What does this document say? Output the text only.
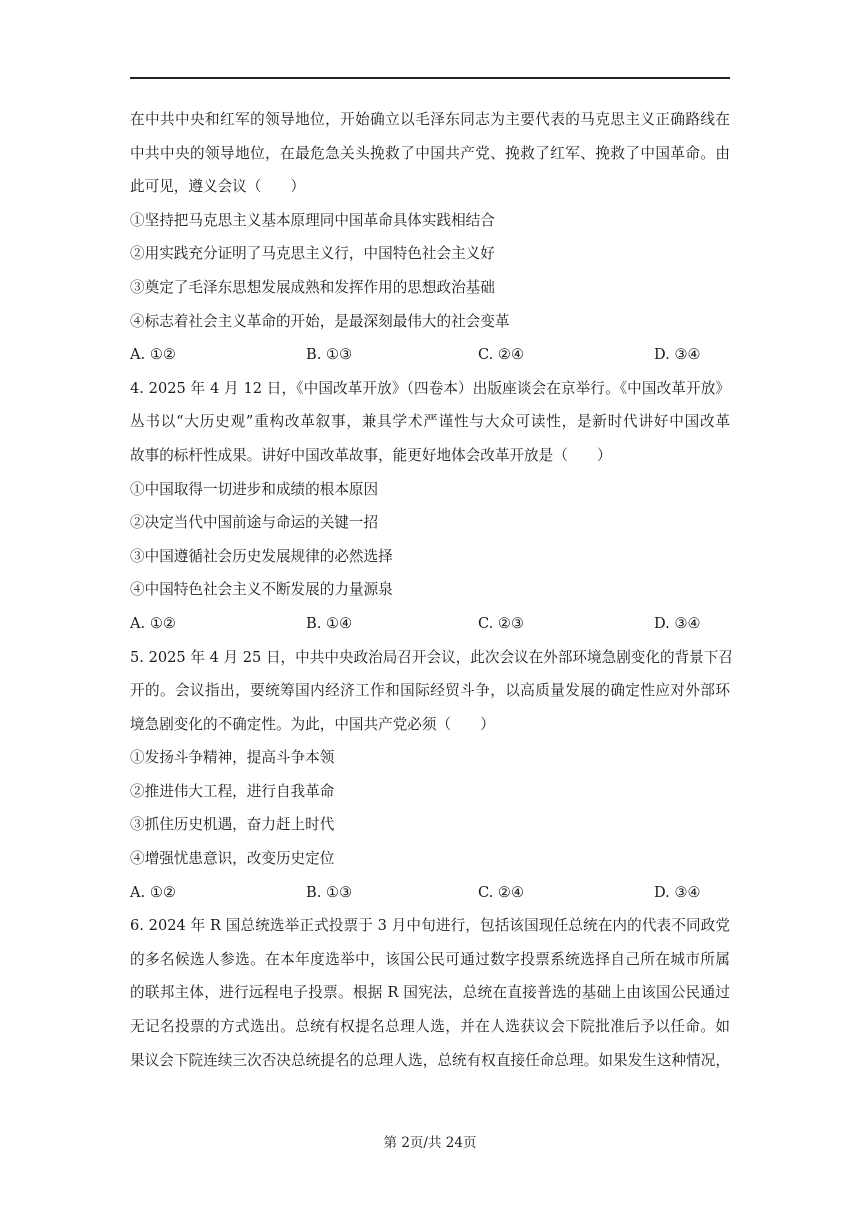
在中共中央和红军的领导地位，开始确立以毛泽东同志为主要代表的马克思主义正确路线在
中共中央的领导地位，在最危急关头挽救了中国共产党、挽救了红军、挽救了中国革命。由
此可见，遵义会议（　　）
①坚持把马克思主义基本原理同中国革命具体实践相结合
②用实践充分证明了马克思主义行，中国特色社会主义好
③奠定了毛泽东思想发展成熟和发挥作用的思想政治基础
④标志着社会主义革命的开始，是最深刻最伟大的社会变革
A. ①②	B. ①③	C. ②④	D. ③④
4. 2025 年 4 月 12 日，《中国改革开放》（四卷本）出版座谈会在京举行。《中国改革开放》
丛书以“大历史观”重构改革叙事，兼具学术严谨性与大众可读性，是新时代讲好中国改革
故事的标杆性成果。讲好中国改革故事，能更好地体会改革开放是（　　）
①中国取得一切进步和成绩的根本原因
②决定当代中国前途与命运的关键一招
③中国遵循社会历史发展规律的必然选择
④中国特色社会主义不断发展的力量源泉
A. ①②	B. ①④	C. ②③	D. ③④
5. 2025 年 4 月 25 日，中共中央政治局召开会议，此次会议在外部环境急剧变化的背景下召
开的。会议指出，要统筹国内经济工作和国际经贸斗争，以高质量发展的确定性应对外部环
境急剧变化的不确定性。为此，中国共产党必须（　　）
①发扬斗争精神，提高斗争本领
②推进伟大工程，进行自我革命
③抓住历史机遇，奋力赶上时代
④增强忧患意识，改变历史定位
A. ①②	B. ①③	C. ②④	D. ③④
6. 2024 年 R 国总统选举正式投票于 3 月中旬进行，包括该国现任总统在内的代表不同政党
的多名候选人参选。在本年度选举中，该国公民可通过数字投票系统选择自己所在城市所属
的联邦主体，进行远程电子投票。根据 R 国宪法，总统在直接普选的基础上由该国公民通过
无记名投票的方式选出。总统有权提名总理人选，并在人选获议会下院批准后予以任命。如
果议会下院连续三次否决总统提名的总理人选，总统有权直接任命总理。如果发生这种情况，
第 2页/共 24页
